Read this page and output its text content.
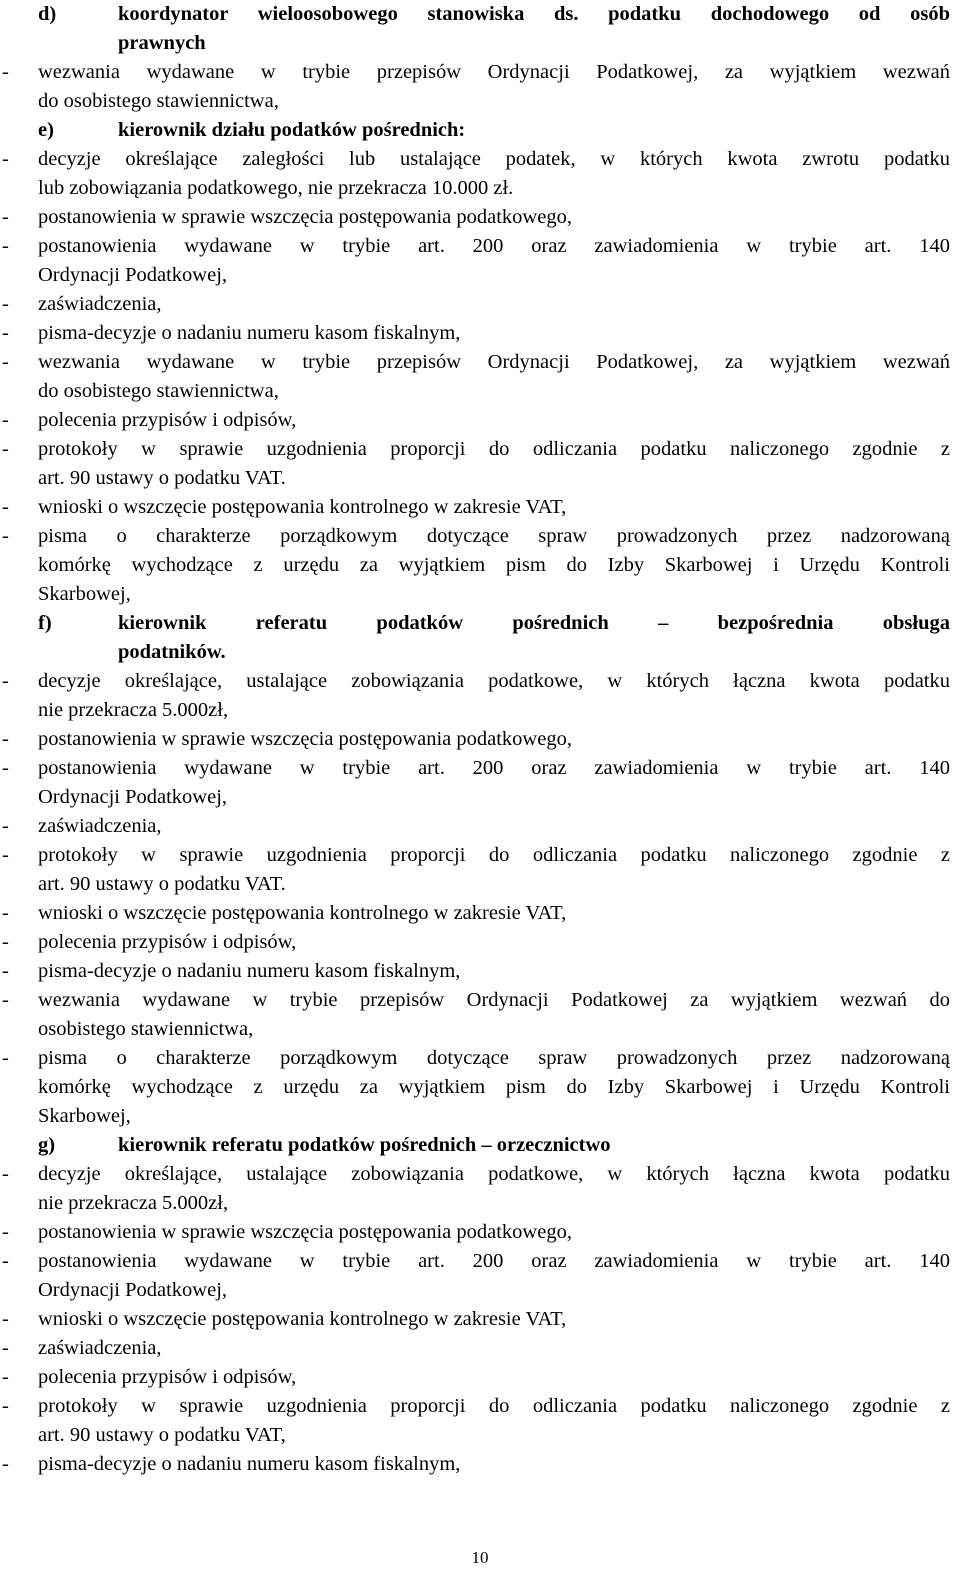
d)	koordynator wieloosobowego stanowiska ds. podatku dochodowego od osób
prawnych
- wezwania wydawane w trybie przepisów Ordynacji Podatkowej, za wyjątkiem wezwań
do osobistego stawiennictwa,
e)	kierownik działu podatków pośrednich:
- decyzje określające zaległości lub ustalające podatek, w których kwota zwrotu podatku
lub zobowiązania podatkowego, nie przekracza 10.000 zł.
- postanowienia w sprawie wszczęcia postępowania podatkowego,
- postanowienia wydawane w trybie art. 200 oraz zawiadomienia w trybie art. 140
Ordynacji Podatkowej,
- zaświadczenia,
- pisma-decyzje o nadaniu numeru kasom fiskalnym,
- wezwania wydawane w trybie przepisów Ordynacji Podatkowej, za wyjątkiem wezwań
do osobistego stawiennictwa,
- polecenia przypisów i odpisów,
- protokoły w sprawie uzgodnienia proporcji do odliczania podatku naliczonego zgodnie z
art. 90 ustawy o podatku VAT.
- wnioski o wszczęcie postępowania kontrolnego w zakresie VAT,
- pisma o charakterze porządkowym dotyczące spraw prowadzonych przez nadzorowaną
komórkę wychodzące z urzędu za wyjątkiem pism do Izby Skarbowej i Urzędu Kontroli
Skarbowej,
f)	kierownik referatu podatków pośrednich – bezpośrednia obsługa
podatników.
- decyzje określające, ustalające zobowiązania podatkowe, w których łączna kwota podatku
nie przekracza 5.000zł,
- postanowienia w sprawie wszczęcia postępowania podatkowego,
- postanowienia wydawane w trybie art. 200 oraz zawiadomienia w trybie art. 140
Ordynacji Podatkowej,
- zaświadczenia,
- protokoły w sprawie uzgodnienia proporcji do odliczania podatku naliczonego zgodnie z
art. 90 ustawy o podatku VAT.
- wnioski o wszczęcie postępowania kontrolnego w zakresie VAT,
- polecenia przypisów i odpisów,
- pisma-decyzje o nadaniu numeru kasom fiskalnym,
- wezwania wydawane w trybie przepisów Ordynacji Podatkowej za wyjątkiem wezwań do
osobistego stawiennictwa,
- pisma o charakterze porządkowym dotyczące spraw prowadzonych przez nadzorowaną
komórkę wychodzące z urzędu za wyjątkiem pism do Izby Skarbowej i Urzędu Kontroli
Skarbowej,
g)	kierownik referatu podatków pośrednich – orzecznictwo
- decyzje określające, ustalające zobowiązania podatkowe, w których łączna kwota podatku
nie przekracza 5.000zł,
- postanowienia w sprawie wszczęcia postępowania podatkowego,
- postanowienia wydawane w trybie art. 200 oraz zawiadomienia w trybie art. 140
Ordynacji Podatkowej,
- wnioski o wszczęcie postępowania kontrolnego w zakresie VAT,
- zaświadczenia,
- polecenia przypisów i odpisów,
- protokoły w sprawie uzgodnienia proporcji do odliczania podatku naliczonego zgodnie z
art. 90 ustawy o podatku VAT,
- pisma-decyzje o nadaniu numeru kasom fiskalnym,
10
